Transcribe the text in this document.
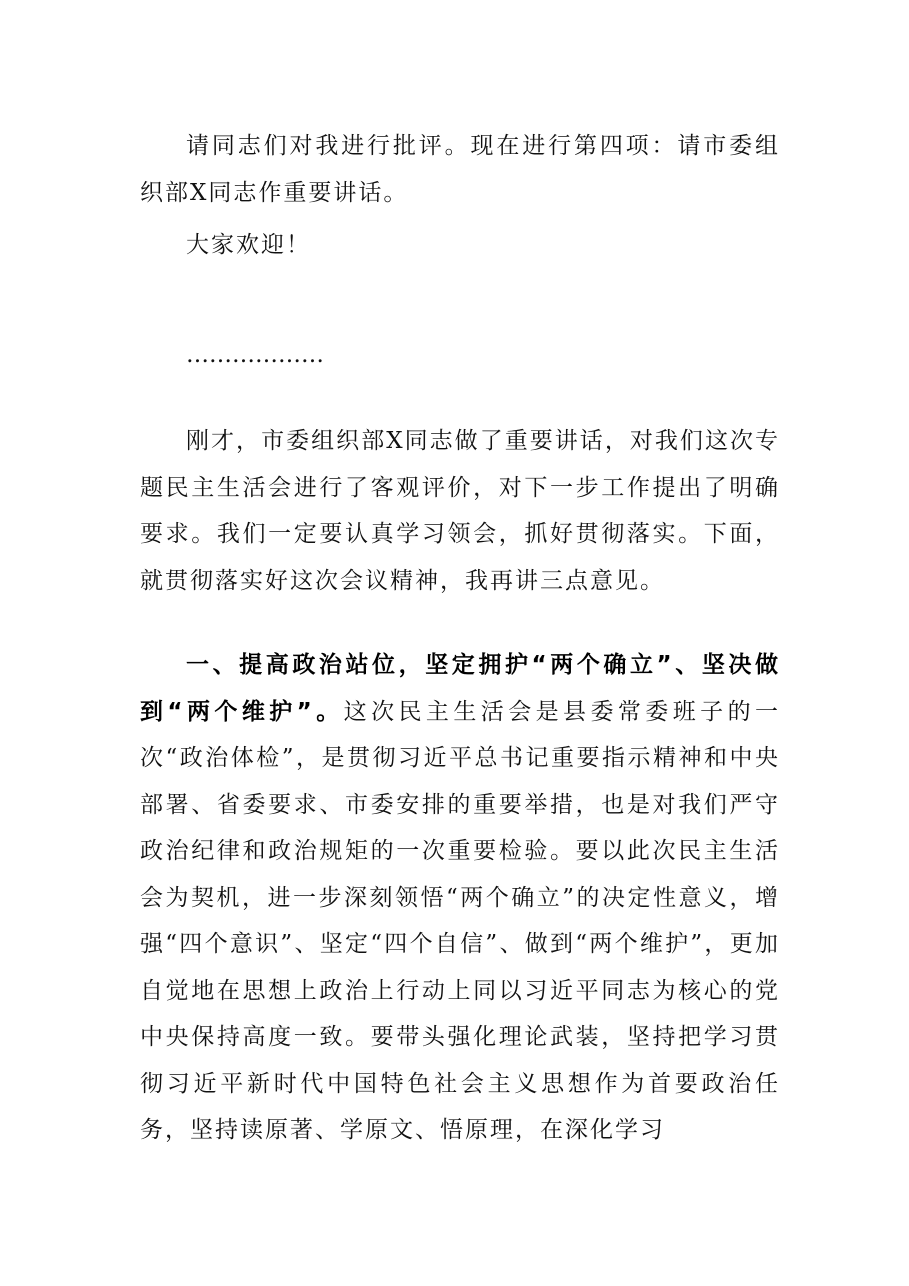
请同志们对我进行批评。现在进行第四项：请市委组织部X同志作重要讲话。

大家欢迎！

………………

刚才，市委组织部X同志做了重要讲话，对我们这次专题民主生活会进行了客观评价，对下一步工作提出了明确要求。我们一定要认真学习领会，抓好贯彻落实。下面，就贯彻落实好这次会议精神，我再讲三点意见。

一、提高政治站位，坚定拥护“两个确立”、坚决做到“两个维护”。这次民主生活会是县委常委班子的一次“政治体检”，是贯彻习近平总书记重要指示精神和中央部署、省委要求、市委安排的重要举措，也是对我们严守政治纪律和政治规矩的一次重要检验。要以此次民主生活会为契机，进一步深刻领悟“两个确立”的决定性意义，增强“四个意识”、坚定“四个自信”、做到“两个维护”，更加自觉地在思想上政治上行动上同以习近平同志为核心的党中央保持高度一致。要带头强化理论武装，坚持把学习贯彻习近平新时代中国特色社会主义思想作为首要政治任务，坚持读原著、学原文、悟原理，在深化学习
